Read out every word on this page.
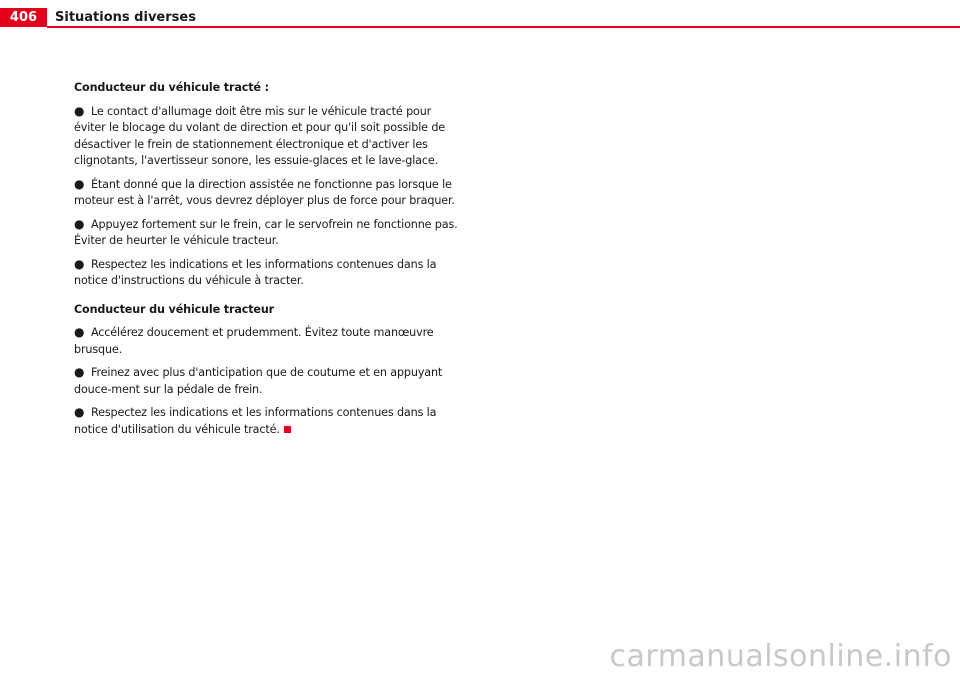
406	Situations diverses
Conducteur du véhicule tracté :
● Le contact d'allumage doit être mis sur le véhicule tracté pour éviter le blocage du volant de direction et pour qu'il soit possible de désactiver le frein de stationnement électronique et d'activer les clignotants, l'avertisseur sonore, les essuie-glaces et le lave-glace.
● Étant donné que la direction assistée ne fonctionne pas lorsque le moteur est à l'arrêt, vous devrez déployer plus de force pour braquer.
● Appuyez fortement sur le frein, car le servofrein ne fonctionne pas. Éviter de heurter le véhicule tracteur.
● Respectez les indications et les informations contenues dans la notice d'instructions du véhicule à tracter.
Conducteur du véhicule tracteur
● Accélérez doucement et prudemment. Évitez toute manœuvre brusque.
● Freinez avec plus d'anticipation que de coutume et en appuyant douce-ment sur la pédale de frein.
● Respectez les indications et les informations contenues dans la notice d'utilisation du véhicule tracté.
carmanualsonline.info
